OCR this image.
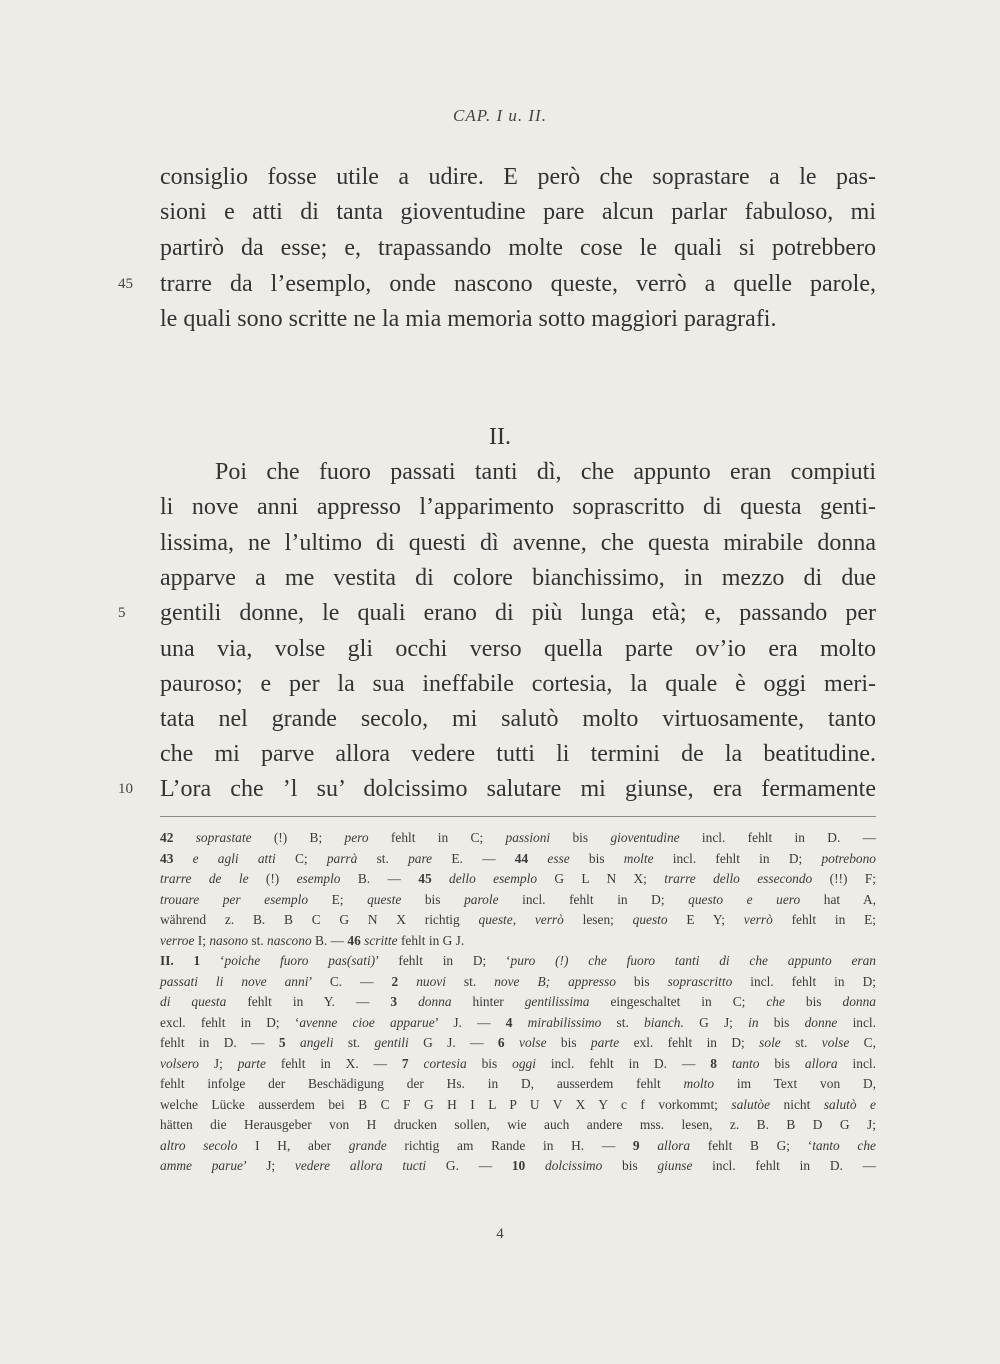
CAP. I u. II.
consiglio fosse utile a udire. E però che soprastare a le pas-
sioni e atti di tanta gioventudine pare alcun parlar fabuloso, mi
partirò da esse; e, trapassando molte cose le quali si potrebbero
trarre da l’esemplo, onde nascono queste, verrò a quelle parole,
45
le quali sono scritte ne la mia memoria sotto maggiori paragrafi.
Poi che fuoro passati tanti dì, che appunto eran compiuti
li nove anni appresso l’apparimento soprascritto di questa genti-
lissima, ne l’ultimo di questi dì avenne, che questa mirabile donna
apparve a me vestita di colore bianchissimo, in mezzo di due
gentili donne, le quali erano di più lunga età; e, passando per
5
una via, volse gli occhi verso quella parte ov’io era molto
pauroso; e per la sua ineffabile cortesia, la quale è oggi meri-
tata nel grande secolo, mi salutò molto virtuosamente, tanto
che mi parve allora vedere tutti li termini de la beatitudine.
L’ora che ’l su’ dolcissimo salutare mi giunse, era fermamente
10
II.
42 soprastate (!) B; pero fehlt in C; passioni bis gioventudine incl. fehlt in D. —
43 e agli atti C; parrà st. pare E. — 44 esse bis molte incl. fehlt in D; potrebono
trarre de le (!) esemplo B. — 45 dello esemplo G L N X; trarre dello essecondo (!!) F;
trouare per esemplo E; queste bis parole incl. fehlt in D; questo e uero hat A,
während z. B. B C G N X richtig queste, verrò lesen; questo E Y; verrò fehlt in E;
verroe I; nasono st. nascono B. — 46 scritte fehlt in G J.
II. 1 ‘poiche fuoro pas(sati)’ fehlt in D; ‘puro (!) che fuoro tanti di che appunto eran
passati li nove anni’ C. — 2 nuovi st. nove B; appresso bis soprascritto incl. fehlt in D;
di questa fehlt in Y. — 3 donna hinter gentilissima eingeschaltet in C; che bis donna
excl. fehlt in D; ‘avenne cioe apparue’ J. — 4 mirabilissimo st. bianch. G J; in bis donne incl.
fehlt in D. — 5 angeli st. gentili G J. — 6 volse bis parte exl. fehlt in D; sole st. volse C,
volsero J; parte fehlt in X. — 7 cortesia bis oggi incl. fehlt in D. — 8 tanto bis allora incl.
fehlt infolge der Beschädigung der Hs. in D, ausserdem fehlt molto im Text von D,
welche Lücke ausserdem bei B C F G H I L P U V X Y c f vorkommt; salutòe nicht salutò e
hätten die Herausgeber von H drucken sollen, wie auch andere mss. lesen, z. B. B D G J;
altro secolo I H, aber grande richtig am Rande in H. — 9 allora fehlt B G; ‘tanto che
amme parue’ J; vedere allora tucti G. — 10 dolcissimo bis giunse incl. fehlt in D. —
4
